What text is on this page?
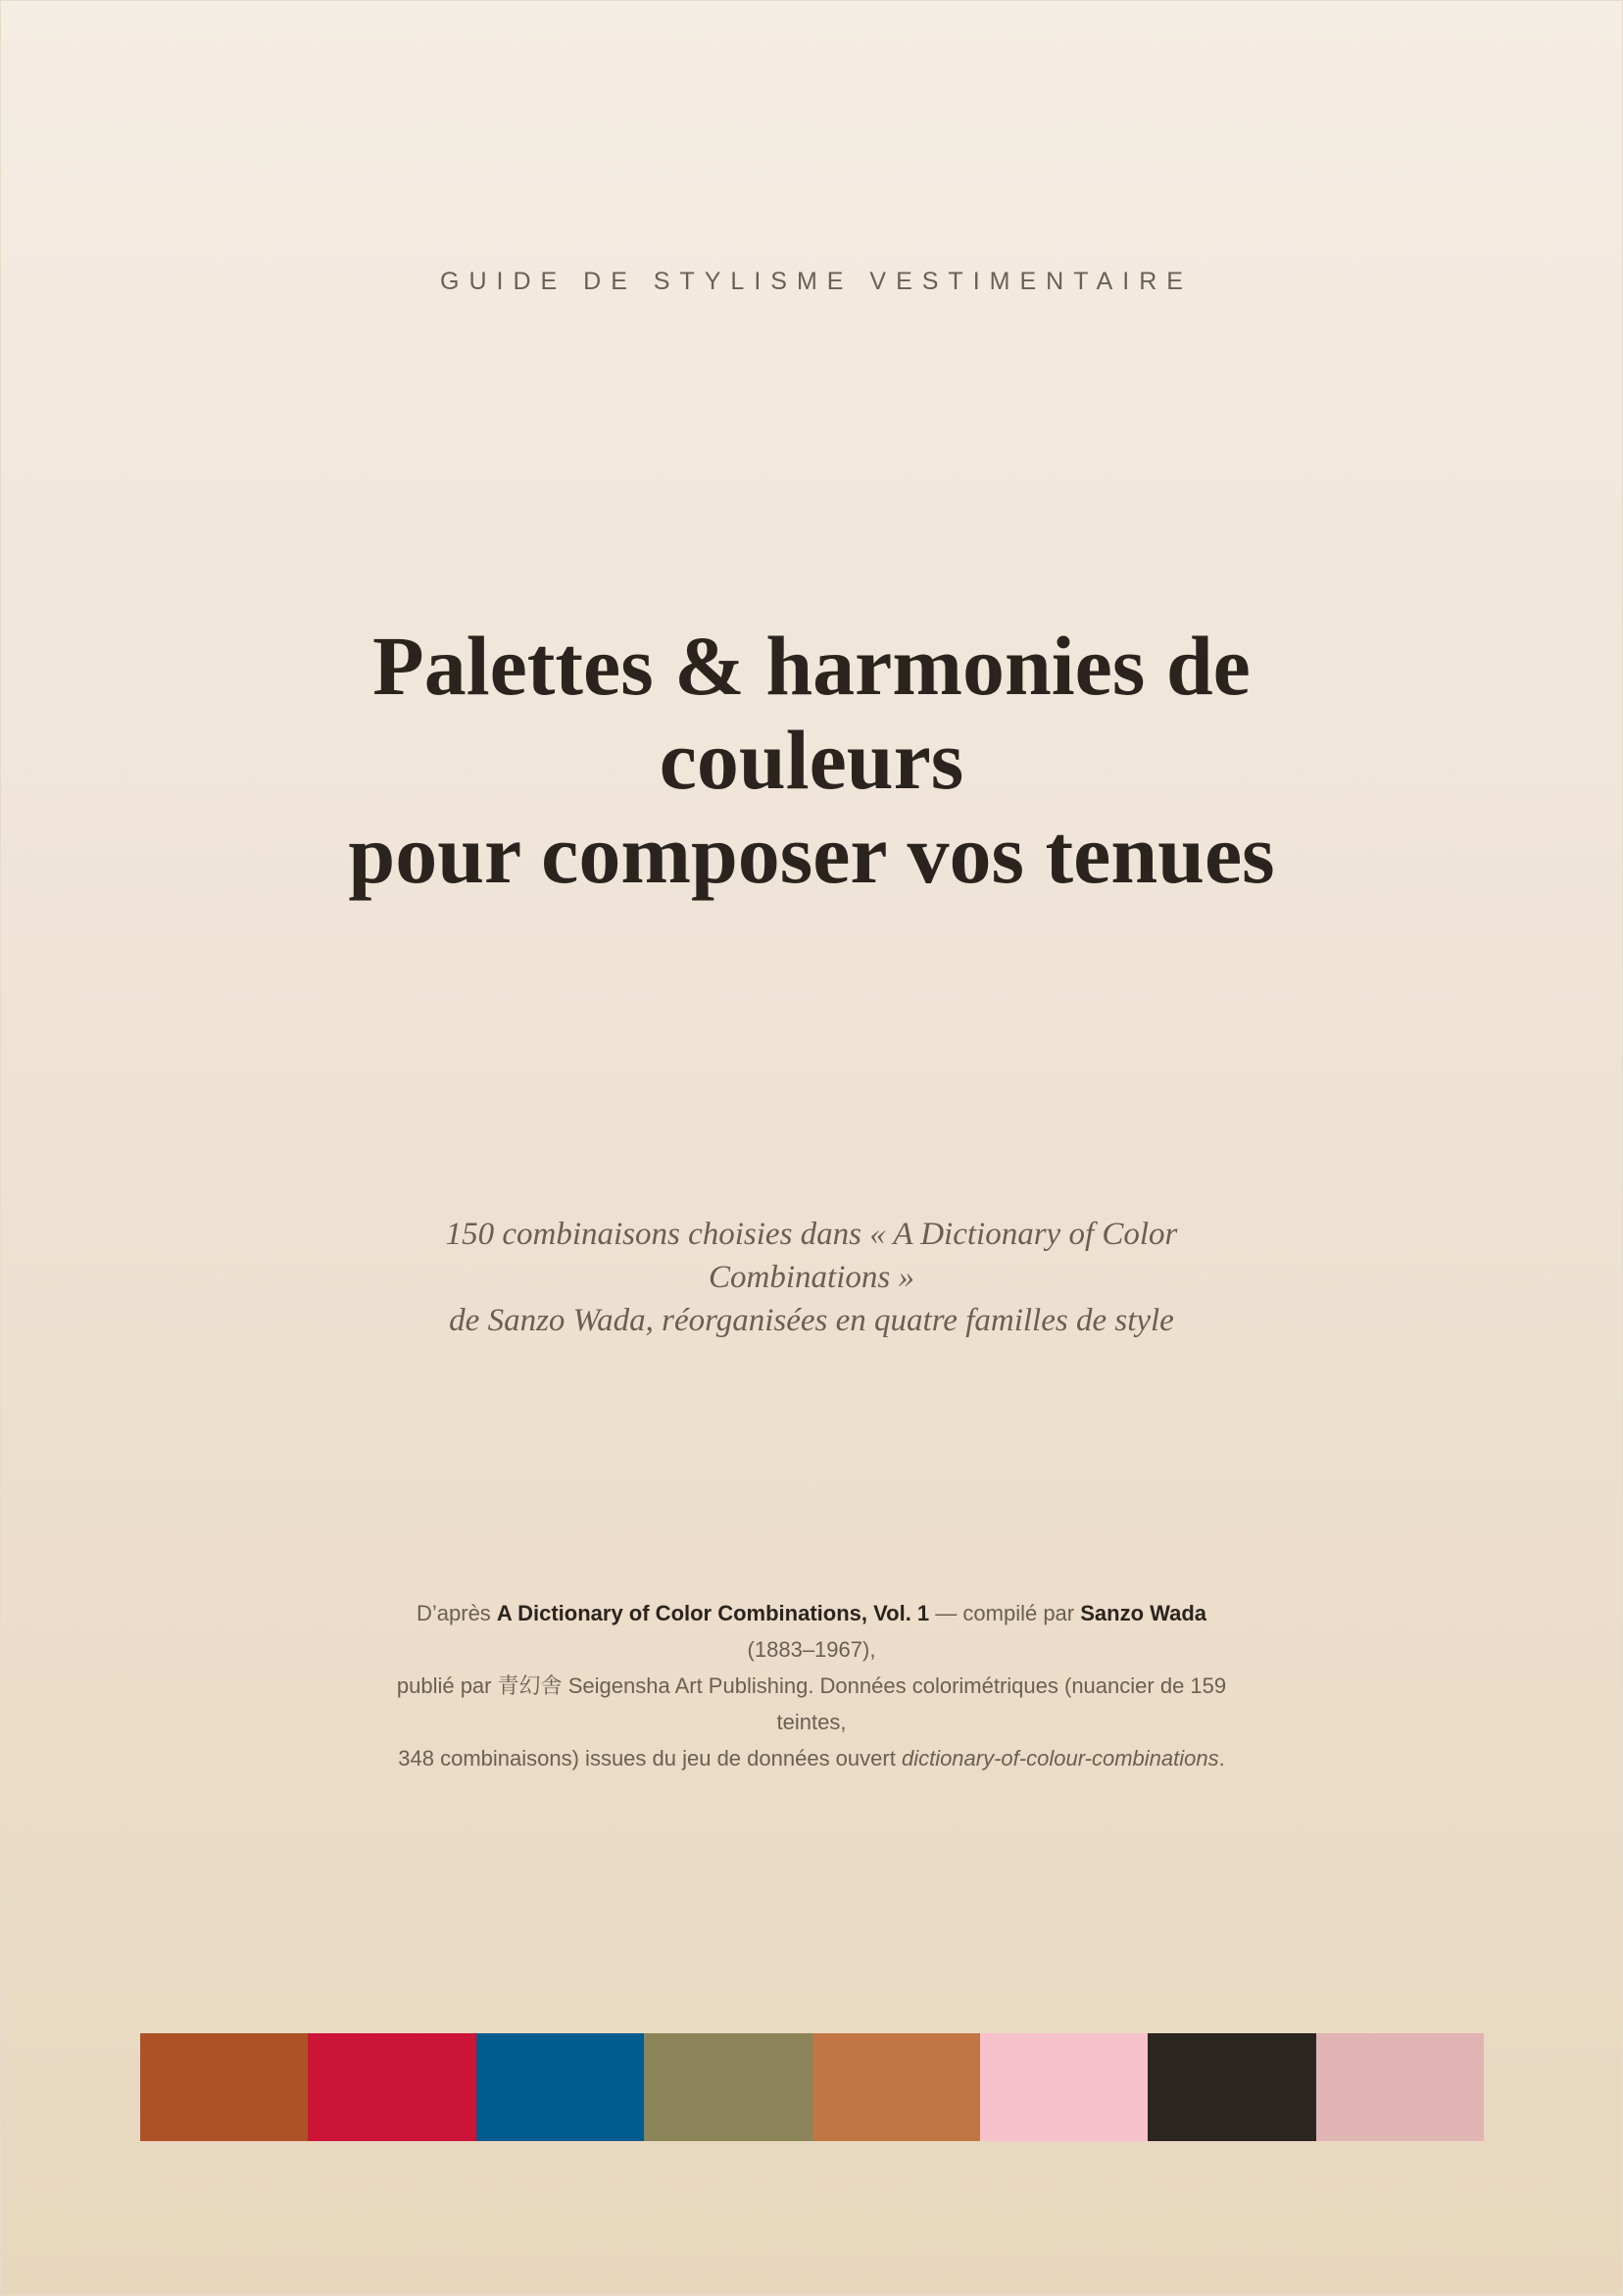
GUIDE DE STYLISME VESTIMENTAIRE
Palettes & harmonies de couleurs
pour composer vos tenues

150 combinaisons choisies dans « A Dictionary of Color Combinations »
de Sanzo Wada, réorganisées en quatre familles de style

D’après A Dictionary of Color Combinations, Vol. 1 — compilé par Sanzo Wada (1883–1967),
publié par 青幻舎 Seigensha Art Publishing. Données colorimétriques (nuancier de 159 teintes,
348 combinaisons) issues du jeu de données ouvert dictionary-of-colour-combinations.
